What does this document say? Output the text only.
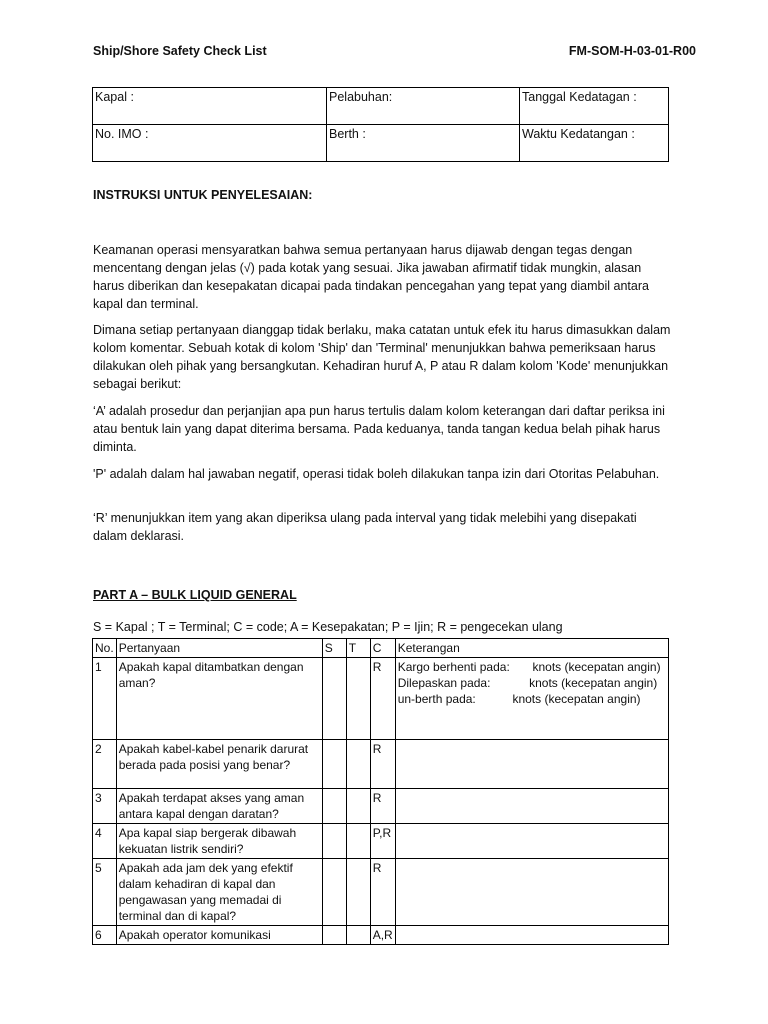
Ship/Shore Safety Check List	FM-SOM-H-03-01-R00
Kapal :	Pelabuhan:	Tanggal Kedatagan :
No. IMO :	Berth :	Waktu Kedatangan :
INSTRUKSI UNTUK PENYELESAIAN:

Keamanan operasi mensyaratkan bahwa semua pertanyaan harus dijawab dengan tegas dengan mencentang dengan jelas (√) pada kotak yang sesuai. Jika jawaban afirmatif tidak mungkin, alasan harus diberikan dan kesepakatan dicapai pada tindakan pencegahan yang tepat yang diambil antara kapal dan terminal.

Dimana setiap pertanyaan dianggap tidak berlaku, maka catatan untuk efek itu harus dimasukkan dalam kolom komentar. Sebuah kotak di kolom 'Ship' dan 'Terminal' menunjukkan bahwa pemeriksaan harus dilakukan oleh pihak yang bersangkutan. Kehadiran huruf A, P atau R dalam kolom 'Kode' menunjukkan sebagai berikut:

‘A’ adalah prosedur dan perjanjian apa pun harus tertulis dalam kolom keterangan dari daftar periksa ini atau bentuk lain yang dapat diterima bersama. Pada keduanya, tanda tangan kedua belah pihak harus diminta.

'P' adalah dalam hal jawaban negatif, operasi tidak boleh dilakukan tanpa izin dari Otoritas Pelabuhan.

‘R’ menunjukkan item yang akan diperiksa ulang pada interval yang tidak melebihi yang disepakati dalam deklarasi.

PART A – BULK LIQUID GENERAL
S = Kapal ; T = Terminal; C = code; A = Kesepakatan; P = Ijin; R = pengecekan ulang
No.	Pertanyaan	S	T	C	Keterangan
1	Apakah kapal ditambatkan dengan aman?			R	Kargo berhenti pada: knots (kecepatan angin)
Dilepaskan pada: knots (kecepatan angin)
un-berth pada: knots (kecepatan angin)

2	Apakah kabel-kabel penarik darurat berada pada posisi yang benar?			R	
3	Apakah terdapat akses yang aman antara kapal dengan daratan?			R	
4	Apa kapal siap bergerak dibawah kekuatan listrik sendiri?			P,R	
5	Apakah ada jam dek yang efektif dalam kehadiran di kapal dan pengawasan yang memadai di terminal dan di kapal?			R	
6	Apakah operator komunikasi			A,R	
